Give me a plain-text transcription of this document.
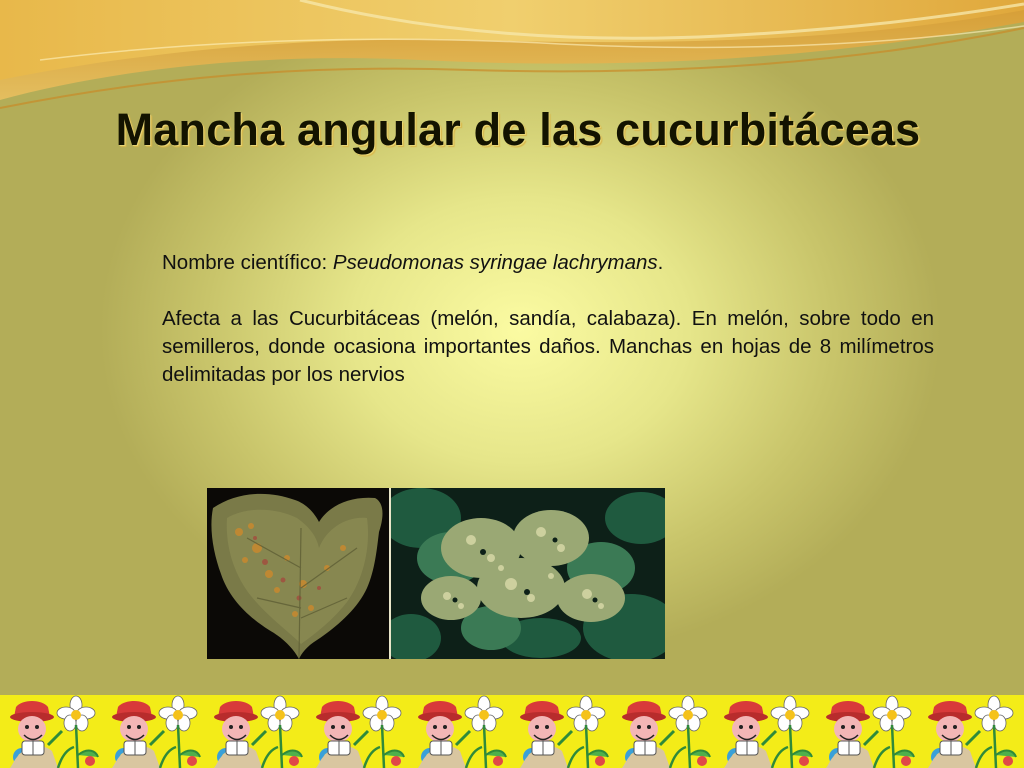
Mancha angular de las cucurbitáceas

Nombre científico: Pseudomonas syringae lachrymans.

Afecta a las Cucurbitáceas (melón, sandía, calabaza). En melón, sobre todo en semilleros, donde ocasiona importantes daños. Manchas en hojas de 8 milímetros delimitadas por los nervios
